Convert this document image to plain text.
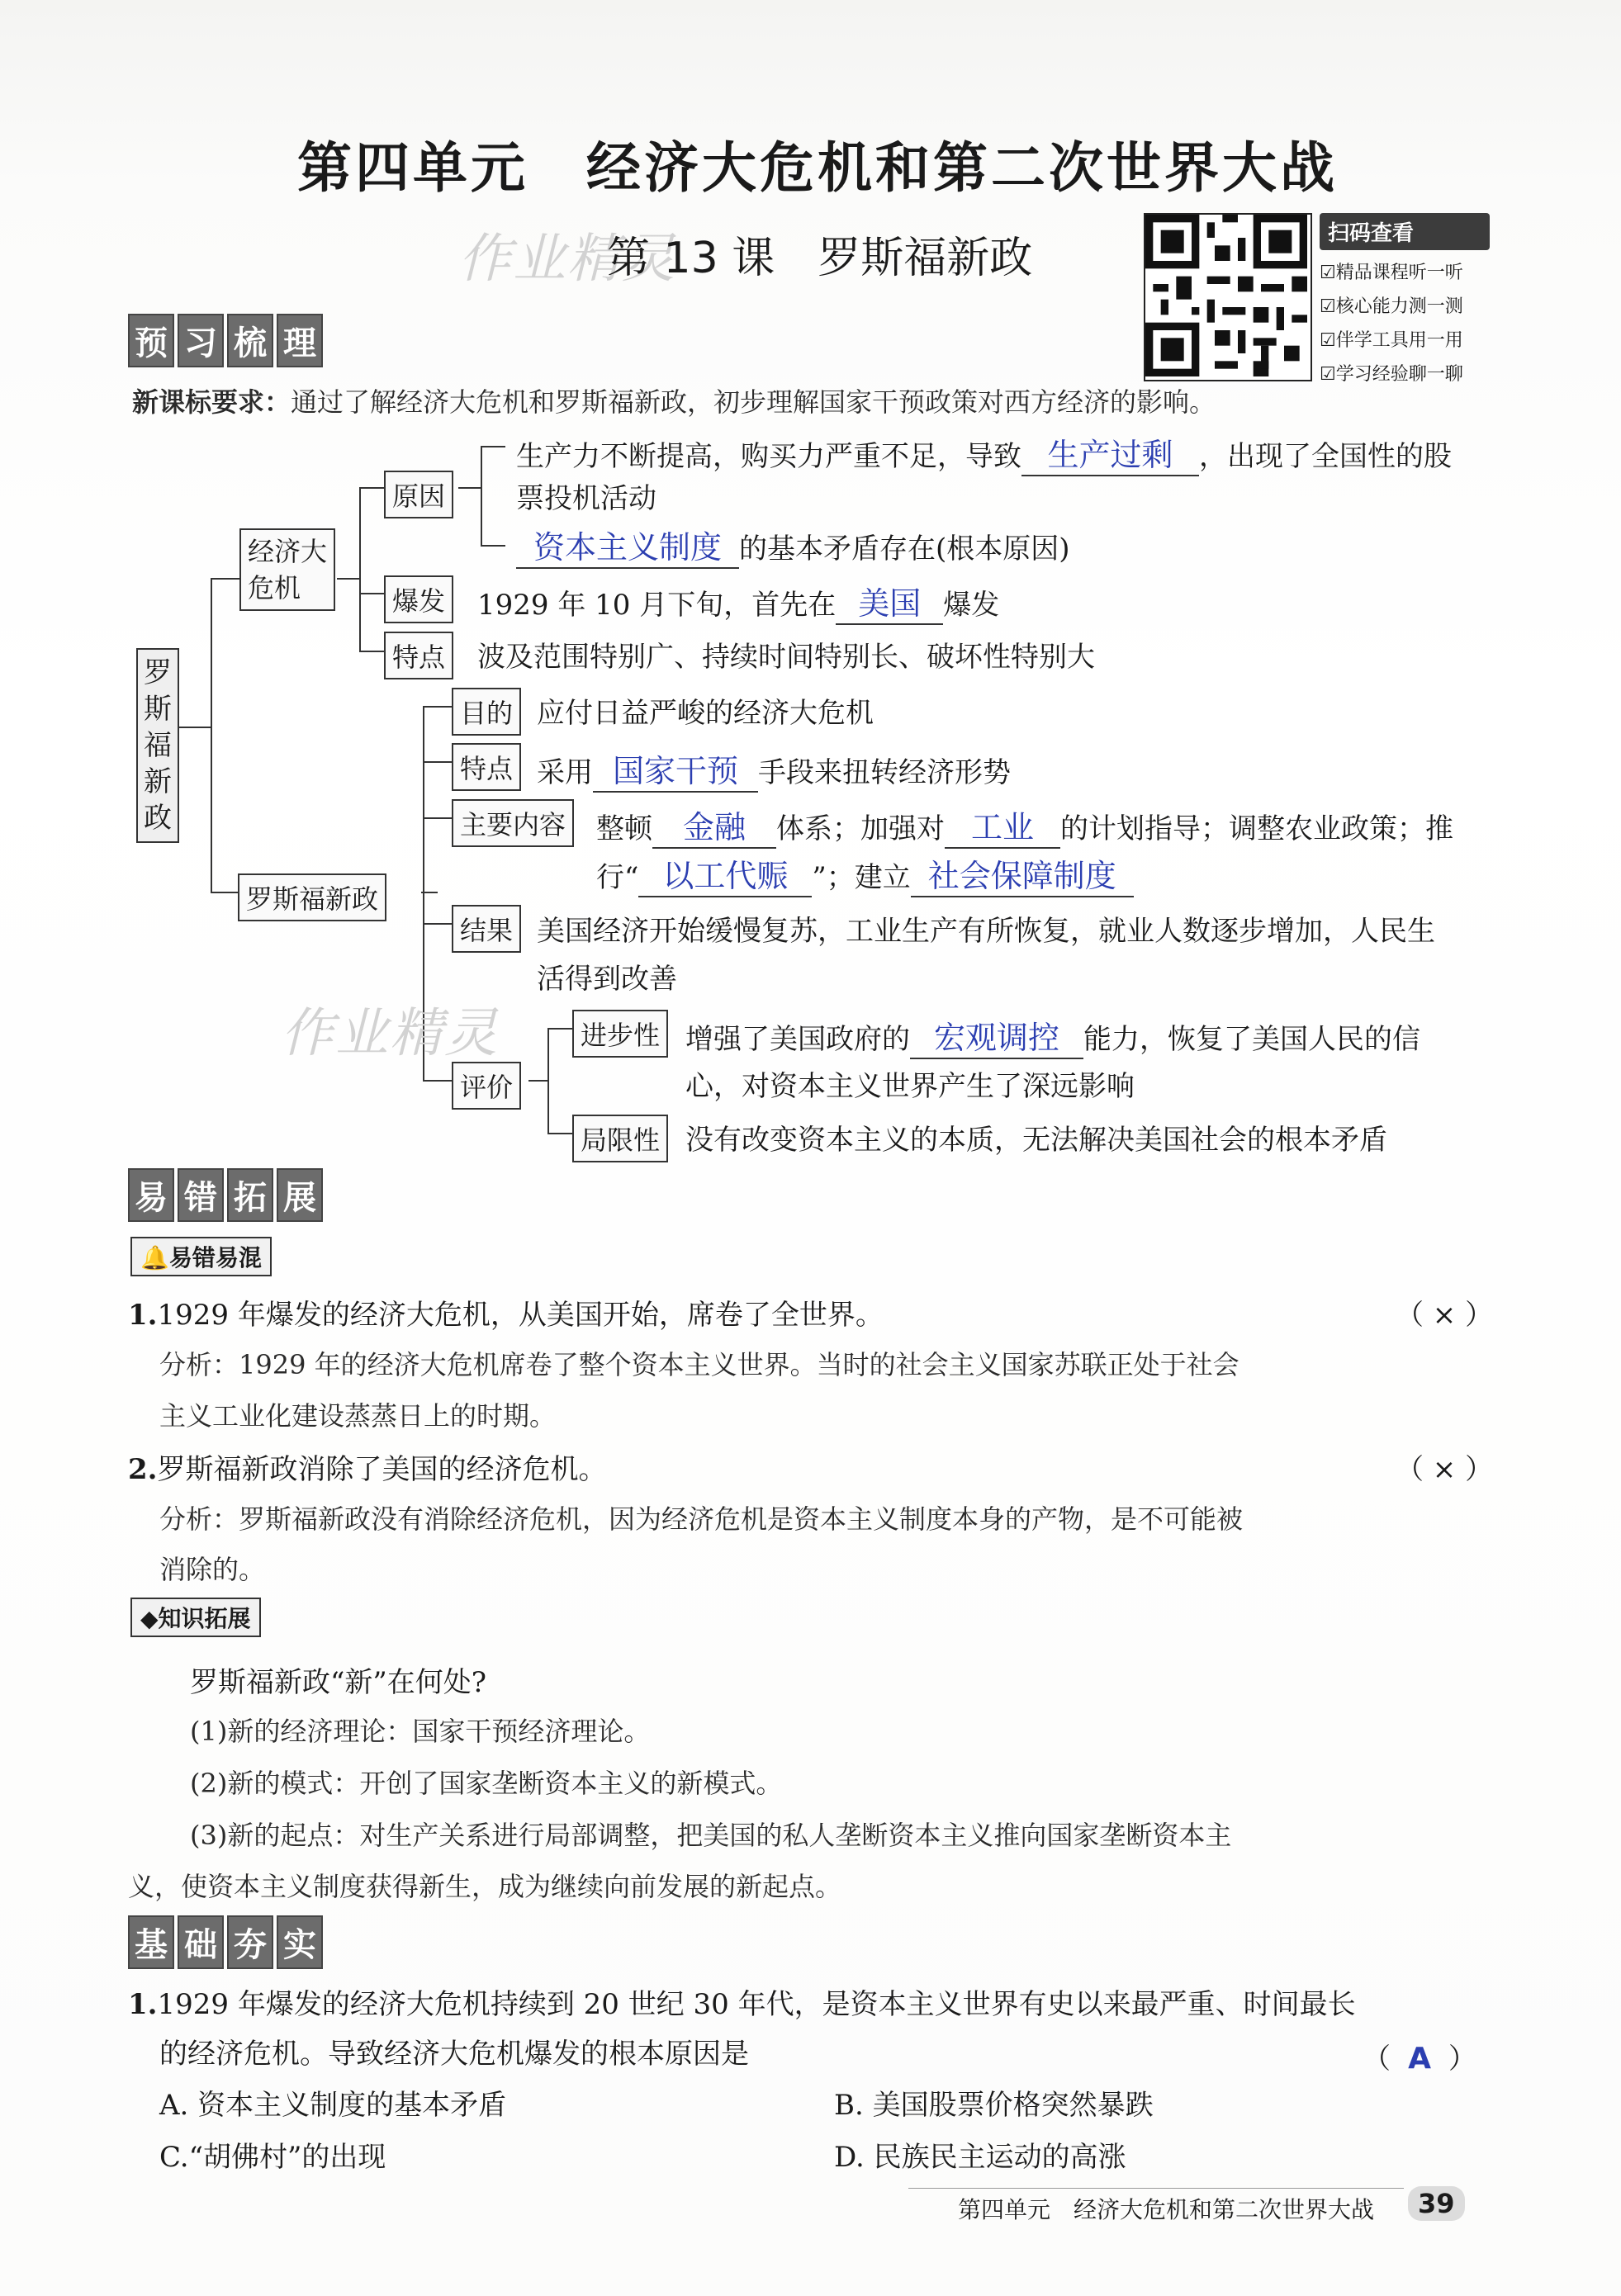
第四单元　经济大危机和第二次世界大战
作业精灵
第 13 课　罗斯福新政	扫码查看
☑精品课程听一听
☑核心能力测一测
☑伴学工具用一用
☑学习经验聊一聊
预 习 梳 理
新课标要求：通过了解经济大危机和罗斯福新政，初步理解国家干预政策对西方经济的影响。
罗
斯
福
新
政
经济大
危机
原因
爆发
特点
生产力不断提高，购买力严重不足，导致 生产过剩 ，出现了全国性的股
票投机活动
资本主义制度 的基本矛盾存在(根本原因)
1929 年 10 月下旬，首先在 美国 爆发
波及范围特别广、持续时间特别长、破坏性特别大
罗斯福新政
目的
特点
主要内容
结果
评价
进步性
局限性
应付日益严峻的经济大危机
采用 国家干预 手段来扭转经济形势
整顿 金融 体系；加强对 工业 的计划指导；调整农业政策；推
行“ 以工代赈 ”；建立 社会保障制度
美国经济开始缓慢复苏，工业生产有所恢复，就业人数逐步增加，人民生
活得到改善
作业精灵	增强了美国政府的 宏观调控 能力，恢复了美国人民的信
心，对资本主义世界产生了深远影响
没有改变资本主义的本质，无法解决美国社会的根本矛盾
易 错 拓 展
🔔易错易混
1.1929 年爆发的经济大危机，从美国开始，席卷了全世界。	（ × ）
分析：1929 年的经济大危机席卷了整个资本主义世界。当时的社会主义国家苏联正处于社会
主义工业化建设蒸蒸日上的时期。
2.罗斯福新政消除了美国的经济危机。	（ × ）
分析：罗斯福新政没有消除经济危机，因为经济危机是资本主义制度本身的产物，是不可能被
消除的。
◆知识拓展
罗斯福新政“新”在何处?
(1)新的经济理论：国家干预经济理论。
(2)新的模式：开创了国家垄断资本主义的新模式。
(3)新的起点：对生产关系进行局部调整，把美国的私人垄断资本主义推向国家垄断资本主
义，使资本主义制度获得新生，成为继续向前发展的新起点。
基 础 夯 实
1.1929 年爆发的经济大危机持续到 20 世纪 30 年代，是资本主义世界有史以来最严重、时间最长
的经济危机。导致经济大危机爆发的根本原因是	（ A ）
A. 资本主义制度的基本矛盾	B. 美国股票价格突然暴跌
C.“胡佛村”的出现	D. 民族民主运动的高涨
第四单元　经济大危机和第二次世界大战	39
